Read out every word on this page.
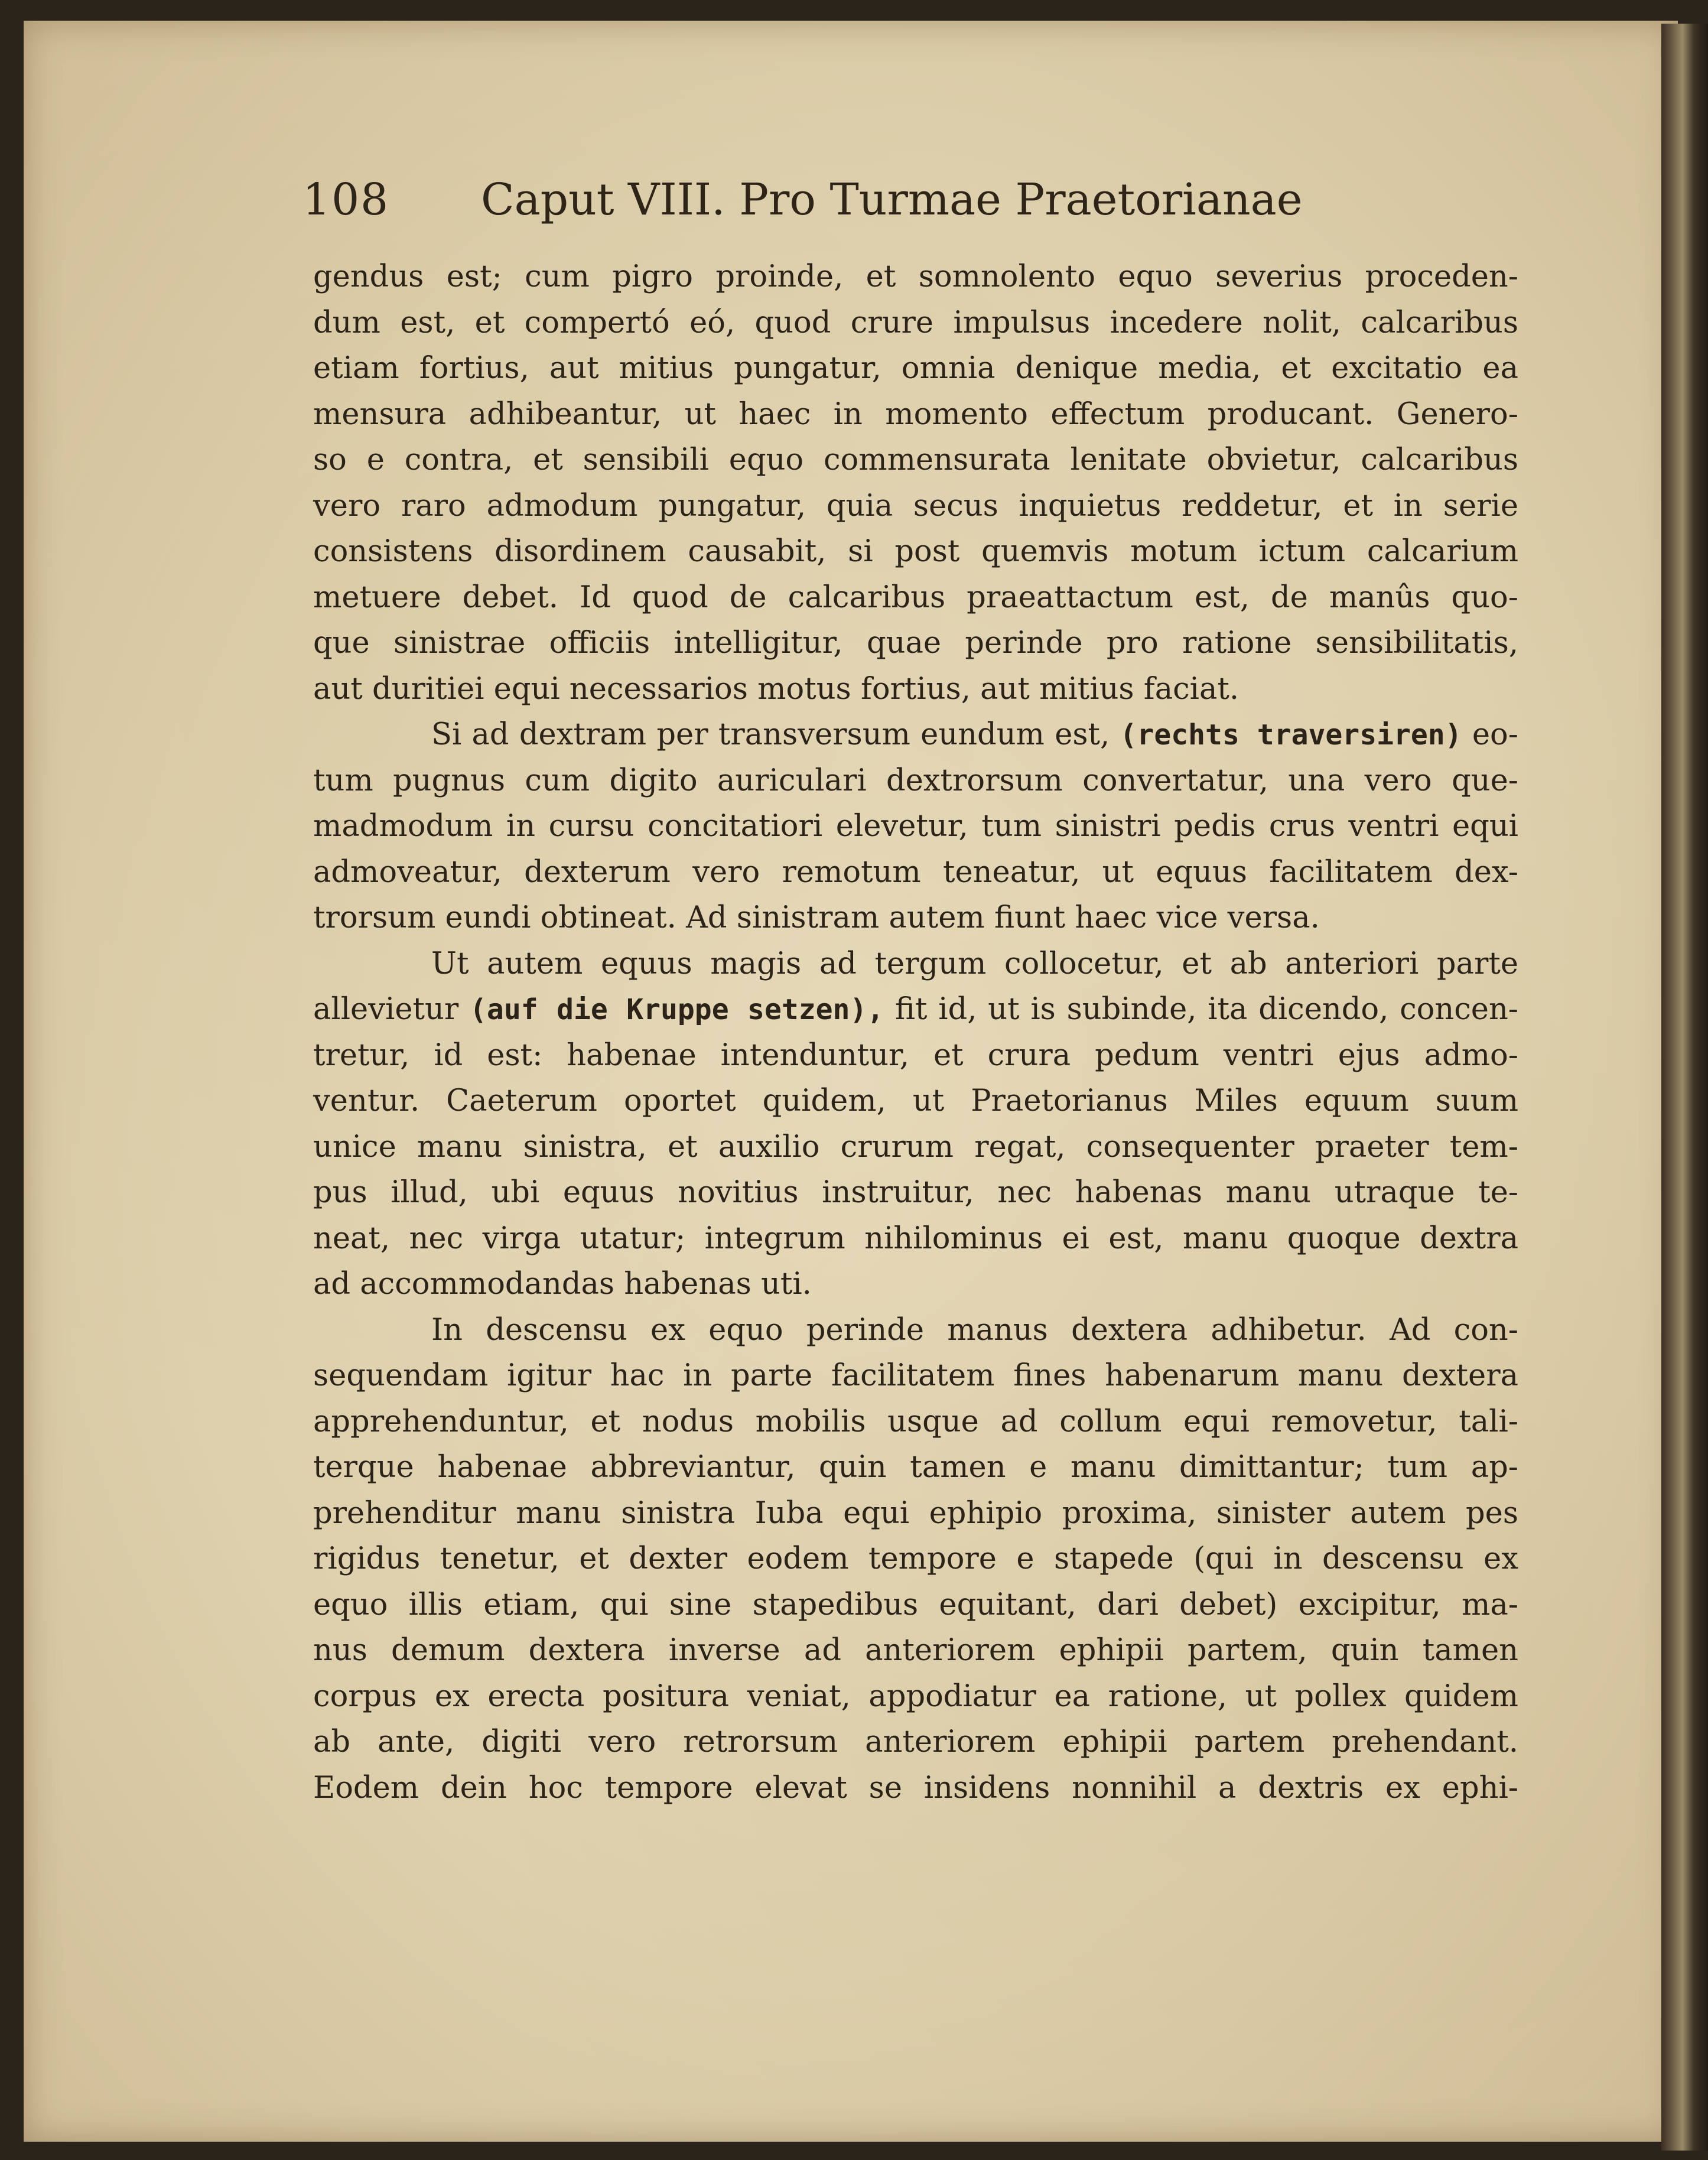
108 Caput VIII. Pro Turmae Praetorianae
gendus est; cum pigro proinde, et somnolento equo severius proceden-
dum est, et compertó eó, quod crure impulsus incedere nolit, calcaribus
etiam fortius, aut mitius pungatur, omnia denique media, et excitatio ea
mensura adhibeantur, ut haec in momento effectum producant. Genero-
so e contra, et sensibili equo commensurata lenitate obvietur, calcaribus
vero raro admodum pungatur, quia secus inquietus reddetur, et in serie
consistens disordinem causabit, si post quemvis motum ictum calcarium
metuere debet. Id quod de calcaribus praeattactum est, de manûs quo-
que sinistrae officiis intelligitur, quae perinde pro ratione sensibilitatis,
aut duritiei equi necessarios motus fortius, aut mitius faciat.
Si ad dextram per transversum eundum est, (rechts traversiren) eo-
tum pugnus cum digito auriculari dextrorsum convertatur, una vero que-
madmodum in cursu concitatiori elevetur, tum sinistri pedis crus ventri equi
admoveatur, dexterum vero remotum teneatur, ut equus facilitatem dex-
trorsum eundi obtineat. Ad sinistram autem fiunt haec vice versa.
Ut autem equus magis ad tergum collocetur, et ab anteriori parte
allevietur (auf die Kruppe setzen), fit id, ut is subinde, ita dicendo, concen-
tretur, id est: habenae intenduntur, et crura pedum ventri ejus admo-
ventur. Caeterum oportet quidem, ut Praetorianus Miles equum suum
unice manu sinistra, et auxilio crurum regat, consequenter praeter tem-
pus illud, ubi equus novitius instruitur, nec habenas manu utraque te-
neat, nec virga utatur; integrum nihilominus ei est, manu quoque dextra
ad accommodandas habenas uti.
In descensu ex equo perinde manus dextera adhibetur. Ad con-
sequendam igitur hac in parte facilitatem fines habenarum manu dextera
apprehenduntur, et nodus mobilis usque ad collum equi removetur, tali-
terque habenae abbreviantur, quin tamen e manu dimittantur; tum ap-
prehenditur manu sinistra Iuba equi ephipio proxima, sinister autem pes
rigidus tenetur, et dexter eodem tempore e stapede (qui in descensu ex
equo illis etiam, qui sine stapedibus equitant, dari debet) excipitur, ma-
nus demum dextera inverse ad anteriorem ephipii partem, quin tamen
corpus ex erecta positura veniat, appodiatur ea ratione, ut pollex quidem
ab ante, digiti vero retrorsum anteriorem ephipii partem prehendant.
Eodem dein hoc tempore elevat se insidens nonnihil a dextris ex ephi-
